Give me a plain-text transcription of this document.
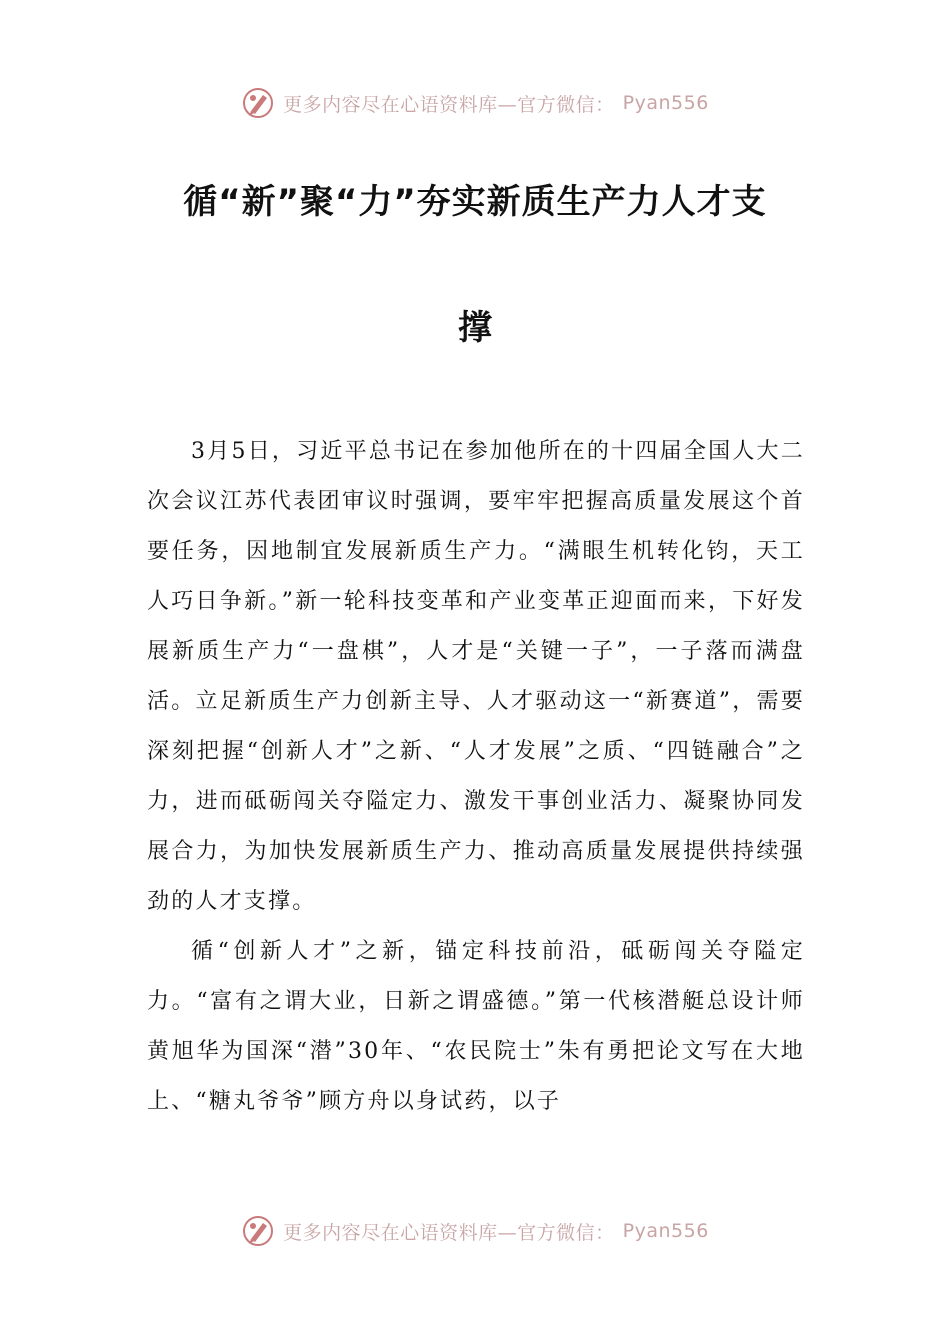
更多内容尽在心语资料库—官方微信： Pyan556
循“新”聚“力”夯实新质生产力人才支
撑

3月5日，习近平总书记在参加他所在的十四届全国人大二次会议江苏代表团审议时强调，要牢牢把握高质量发展这个首要任务，因地制宜发展新质生产力。“满眼生机转化钧，天工人巧日争新。”新一轮科技变革和产业变革正迎面而来，下好发展新质生产力“一盘棋”，人才是“关键一子”，一子落而满盘活。立足新质生产力创新主导、人才驱动这一“新赛道”，需要深刻把握“创新人才”之新、“人才发展”之质、“四链融合”之力，进而砥砺闯关夺隘定力、激发干事创业活力、凝聚协同发展合力，为加快发展新质生产力、推动高质量发展提供持续强劲的人才支撑。

循“创新人才”之新，锚定科技前沿，砥砺闯关夺隘定力。“富有之谓大业，日新之谓盛德。”第一代核潜艇总设计师黄旭华为国深“潜”30年、“农民院士”朱有勇把论文写在大地上、“糖丸爷爷”顾方舟以身试药，以子

更多内容尽在心语资料库—官方微信： Pyan556
